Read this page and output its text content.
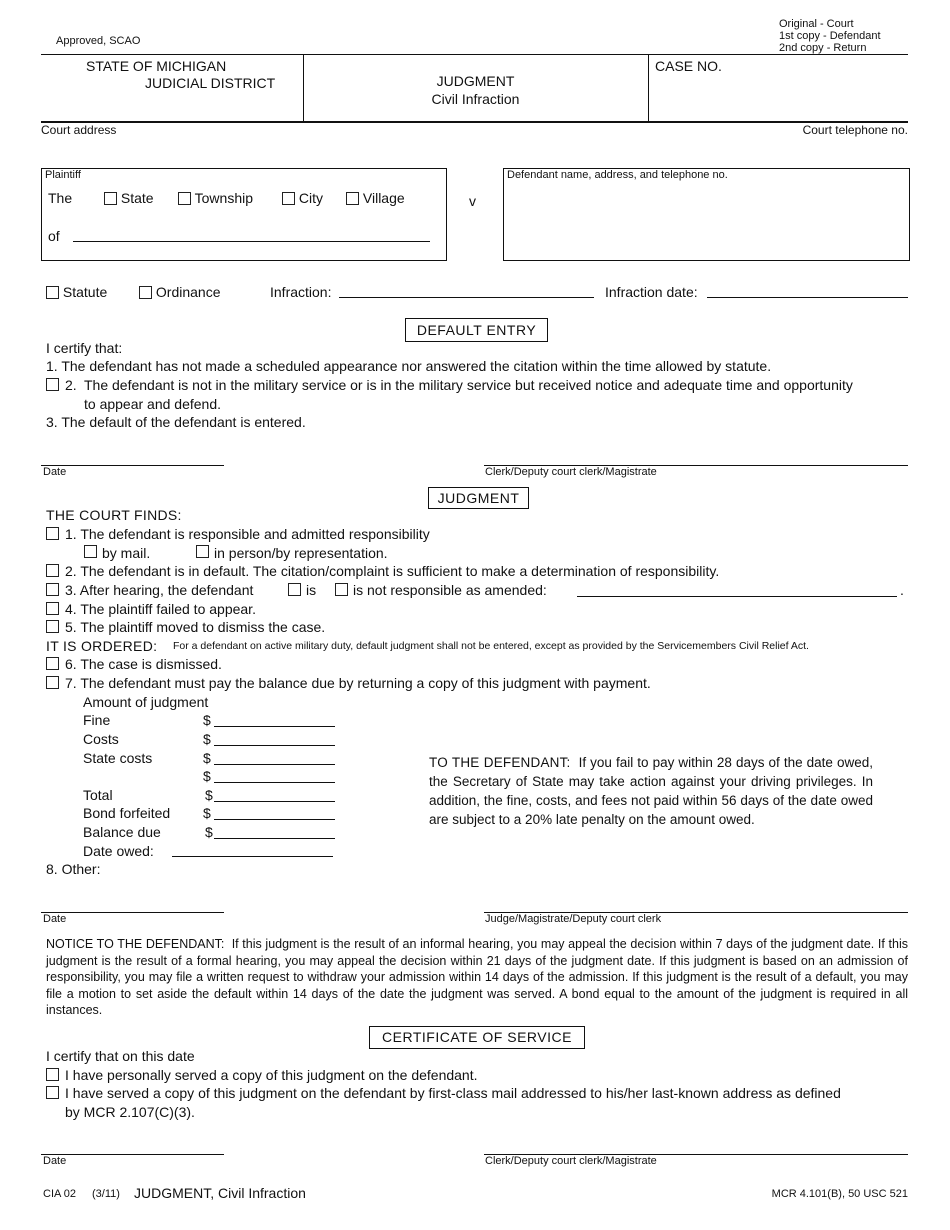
Approved, SCAO
Original - Court
1st copy - Defendant
2nd copy - Return
STATE OF MICHIGAN
JUDICIAL DISTRICT	JUDGMENT
Civil Infraction
CASE NO.
Court address	Court telephone no.
Plaintiff
The	State	Township	City	Village
of
v
Defendant name, address, and telephone no.
Statute	Ordinance	Infraction:	Infraction date:
DEFAULT ENTRY
I certify that:
1. The defendant has not made a scheduled appearance nor answered the citation within the time allowed by statute.
2. The defendant is not in the military service or is in the military service but received notice and adequate time and opportunity
to appear and defend.
3. The default of the defendant is entered.
Date	Clerk/Deputy court clerk/Magistrate
JUDGMENT
THE COURT FINDS:
1. The defendant is responsible and admitted responsibility
by mail.	in person/by representation.
2. The defendant is in default. The citation/complaint is sufficient to make a determination of responsibility.
3. After hearing, the defendant	is	is not responsible as amended:	.
4. The plaintiff failed to appear.
5. The plaintiff moved to dismiss the case.
IT IS ORDERED: For a defendant on active military duty, default judgment shall not be entered, except as provided by the Servicemembers Civil Relief Act.
6. The case is dismissed.
7. The defendant must pay the balance due by returning a copy of this judgment with payment.
Amount of judgment
Fine	$
Costs	$
State costs	$
$
Total	$
Bond forfeited $
Balance due	$
Date owed:
8. Other:
TO THE DEFENDANT: If you fail to pay within 28 days of the date owed, the Secretary of State may take action against your driving privileges. In addition, the fine, costs, and fees not paid within 56 days of the date owed are subject to a 20% late penalty on the amount owed.
Date	Judge/Magistrate/Deputy court clerk
NOTICE TO THE DEFENDANT: If this judgment is the result of an informal hearing, you may appeal the decision within 7 days of the judgment date. If this judgment is the result of a formal hearing, you may appeal the decision within 21 days of the judgment date. If this judgment is based on an admission of responsibility, you may file a written request to withdraw your admission within 14 days of the admission. If this judgment is the result of a default, you may file a motion to set aside the default within 14 days of the date the judgment was served. A bond equal to the amount of the judgment is required in all instances.
CERTIFICATE OF SERVICE
I certify that on this date
I have personally served a copy of this judgment on the defendant.
I have served a copy of this judgment on the defendant by first-class mail addressed to his/her last-known address as defined
by MCR 2.107(C)(3).
Date	Clerk/Deputy court clerk/Magistrate
CIA 02 (3/11) JUDGMENT, Civil Infraction	MCR 4.101(B), 50 USC 521
